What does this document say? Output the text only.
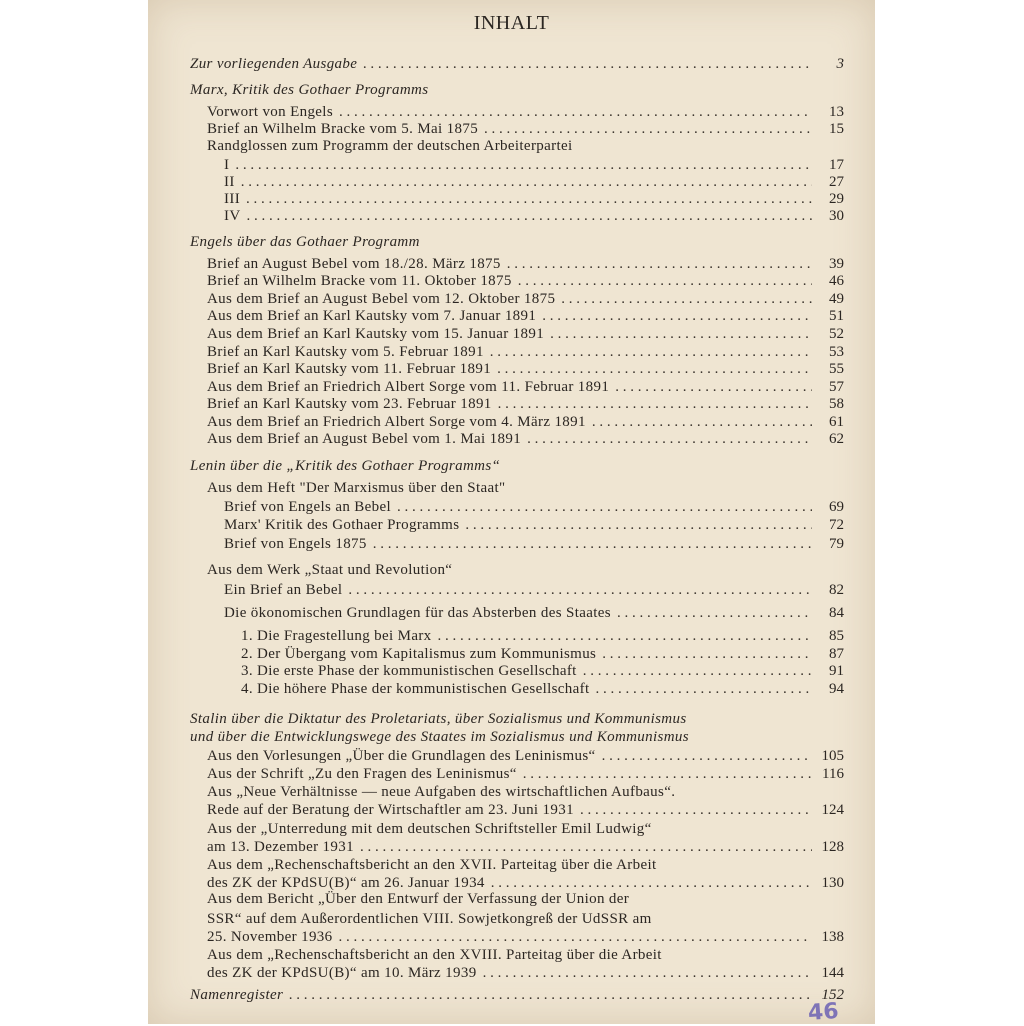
INHALT
Zur vorliegenden Ausgabe . . .	3
Marx, Kritik des Gothaer Programms
Vorwort von Engels . . .	13
Brief an Wilhelm Bracke vom 5. Mai 1875 . . .	15
Randglossen zum Programm der deutschen Arbeiterpartei
I . . .	17
II . . .	27
III . . .	29
IV . . .	30
Engels über das Gothaer Programm
Brief an August Bebel vom 18./28. März 1875 . . .	39
Brief an Wilhelm Bracke vom 11. Oktober 1875 . . .	46
Aus dem Brief an August Bebel vom 12. Oktober 1875 . . .	49
Aus dem Brief an Karl Kautsky vom 7. Januar 1891 . . .	51
Aus dem Brief an Karl Kautsky vom 15. Januar 1891 . . .	52
Brief an Karl Kautsky vom 5. Februar 1891 . . .	53
Brief an Karl Kautsky vom 11. Februar 1891 . . .	55
Aus dem Brief an Friedrich Albert Sorge vom 11. Februar 1891 . . .	57
Brief an Karl Kautsky vom 23. Februar 1891 . . .	58
Aus dem Brief an Friedrich Albert Sorge vom 4. März 1891 . . .	61
Aus dem Brief an August Bebel vom 1. Mai 1891 . . .	62
Lenin über die „Kritik des Gothaer Programms“
Aus dem Heft "Der Marxismus über den Staat"
Brief von Engels an Bebel . . .	69
Marx' Kritik des Gothaer Programms . . .	72
Brief von Engels 1875 . . .	79
Aus dem Werk „Staat und Revolution“
Ein Brief an Bebel . . .	82
Die ökonomischen Grundlagen für das Absterben des Staates . . .	84
1. Die Fragestellung bei Marx . . .	85
2. Der Übergang vom Kapitalismus zum Kommunismus . . .	87
3. Die erste Phase der kommunistischen Gesellschaft . . .	91
4. Die höhere Phase der kommunistischen Gesellschaft . . .	94
Stalin über die Diktatur des Proletariats, über Sozialismus und Kommunismus
und über die Entwicklungswege des Staates im Sozialismus und Kommunismus
Aus den Vorlesungen „Über die Grundlagen des Leninismus“ . . .	105
Aus der Schrift „Zu den Fragen des Leninismus“ . . .	116
Aus „Neue Verhältnisse — neue Aufgaben des wirtschaftlichen Aufbaus“.
Rede auf der Beratung der Wirtschaftler am 23. Juni 1931 . . .	124
Aus der „Unterredung mit dem deutschen Schriftsteller Emil Ludwig“
am 13. Dezember 1931 . . .	128
Aus dem „Rechenschaftsbericht an den XVII. Parteitag über die Arbeit
des ZK der KPdSU(B)“ am 26. Januar 1934 . . .	130
Aus dem Bericht „Über den Entwurf der Verfassung der Union der
SSR“ auf dem Außerordentlichen VIII. Sowjetkongreß der UdSSR am
25. November 1936 . . .	138
Aus dem „Rechenschaftsbericht an den XVIII. Parteitag über die Arbeit
des ZK der KPdSU(B)“ am 10. März 1939 . . .	144
Namenregister . . .	152
46
